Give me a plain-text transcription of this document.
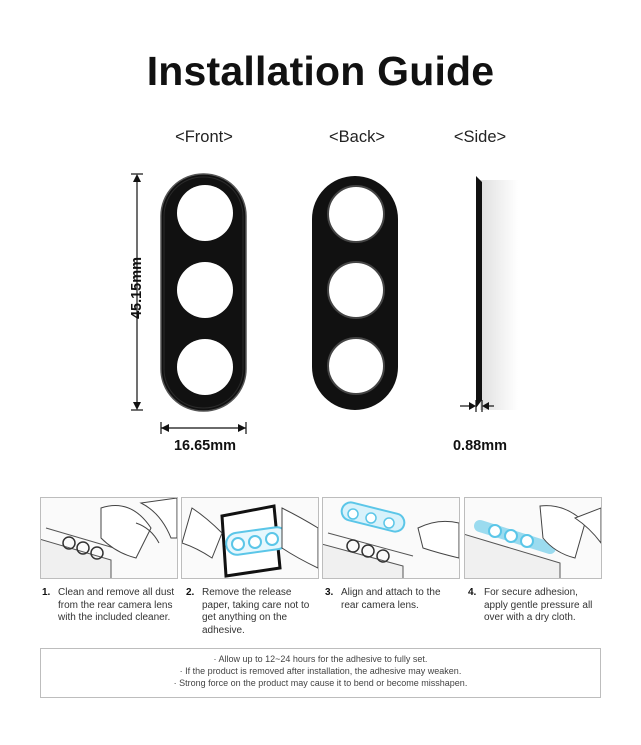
Installation Guide
<Front>	<Back>	<Side>
45.15mm
16.65mm	0.88mm
1. Clean and remove all dust from the rear camera lens with the included cleaner.
2. Remove the release paper, taking care not to get anything on the adhesive.
3. Align and attach to the rear camera lens.
4. For secure adhesion, apply gentle pressure all over with a dry cloth.
· Allow up to 12~24 hours for the adhesive to fully set.
· If the product is removed after installation, the adhesive may weaken.
· Strong force on the product may cause it to bend or become misshapen.
